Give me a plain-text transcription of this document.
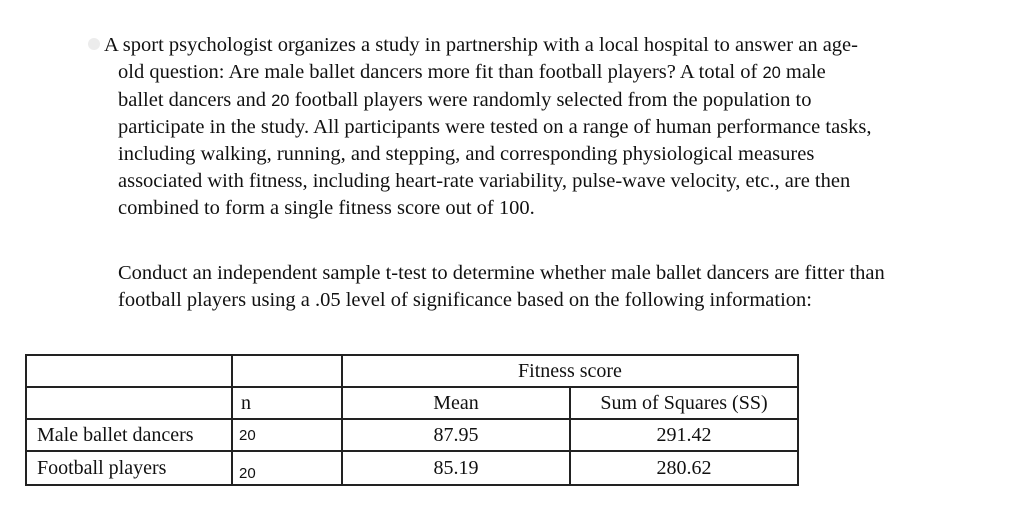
A sport psychologist organizes a study in partnership with a local hospital to answer an age-
old question: Are male ballet dancers more fit than football players? A total of 20 male
ballet dancers and 20 football players were randomly selected from the population to
participate in the study. All participants were tested on a range of human performance tasks,
including walking, running, and stepping, and corresponding physiological measures
associated with fitness, including heart-rate variability, pulse-wave velocity, etc., are then
combined to form a single fitness score out of 100.

Conduct an independent sample t-test to determine whether male ballet dancers are fitter than
football players using a .05 level of significance based on the following information:

		Fitness score	
	n	Mean	Sum of Squares (SS)
Male ballet dancers	20	87.95	291.42
Football players	20	85.19	280.62
